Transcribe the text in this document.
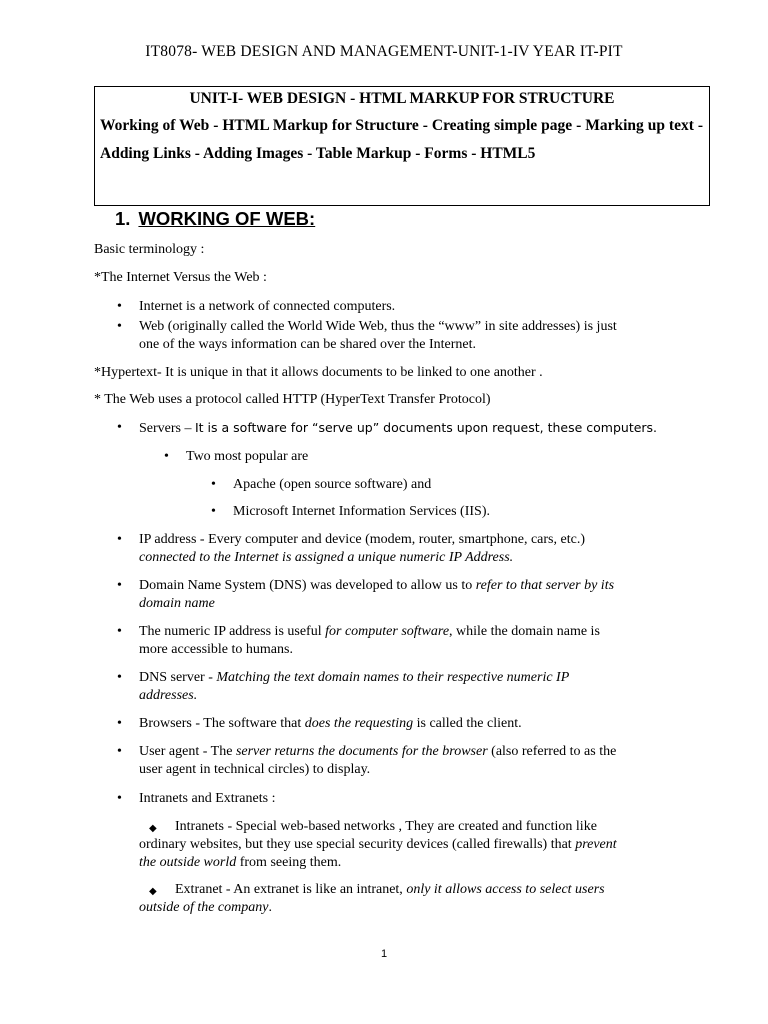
IT8078- WEB DESIGN AND MANAGEMENT-UNIT-1-IV YEAR IT-PIT
UNIT-I- WEB DESIGN - HTML MARKUP FOR STRUCTURE
Working of Web - HTML Markup for Structure - Creating simple page - Marking up text - Adding Links - Adding Images - Table Markup - Forms - HTML5
1. WORKING OF WEB:
Basic terminology :
*The Internet Versus the Web :
• Internet is a network of connected computers.
• Web (originally called the World Wide Web, thus the “www” in site addresses) is just
one of the ways information can be shared over the Internet.
*Hypertext- It is unique in that it allows documents to be linked to one another .
* The Web uses a protocol called HTTP (HyperText Transfer Protocol)
• Servers – It is a software for “serve up” documents upon request, these computers.
• Two most popular are
• Apache (open source software) and
• Microsoft Internet Information Services (IIS).
• IP address - Every computer and device (modem, router, smartphone, cars, etc.)
connected to the Internet is assigned a unique numeric IP Address.
• Domain Name System (DNS) was developed to allow us to refer to that server by its
domain name
• The numeric IP address is useful for computer software, while the domain name is
more accessible to humans.
• DNS server - Matching the text domain names to their respective numeric IP
addresses.
• Browsers - The software that does the requesting is called the client.
• User agent - The server returns the documents for the browser (also referred to as the
user agent in technical circles) to display.
• Intranets and Extranets :
◆	Intranets - Special web-based networks , They are created and function like
ordinary websites, but they use special security devices (called firewalls) that prevent
the outside world from seeing them.
◆	Extranet - An extranet is like an intranet, only it allows access to select users
outside of the company.
1
